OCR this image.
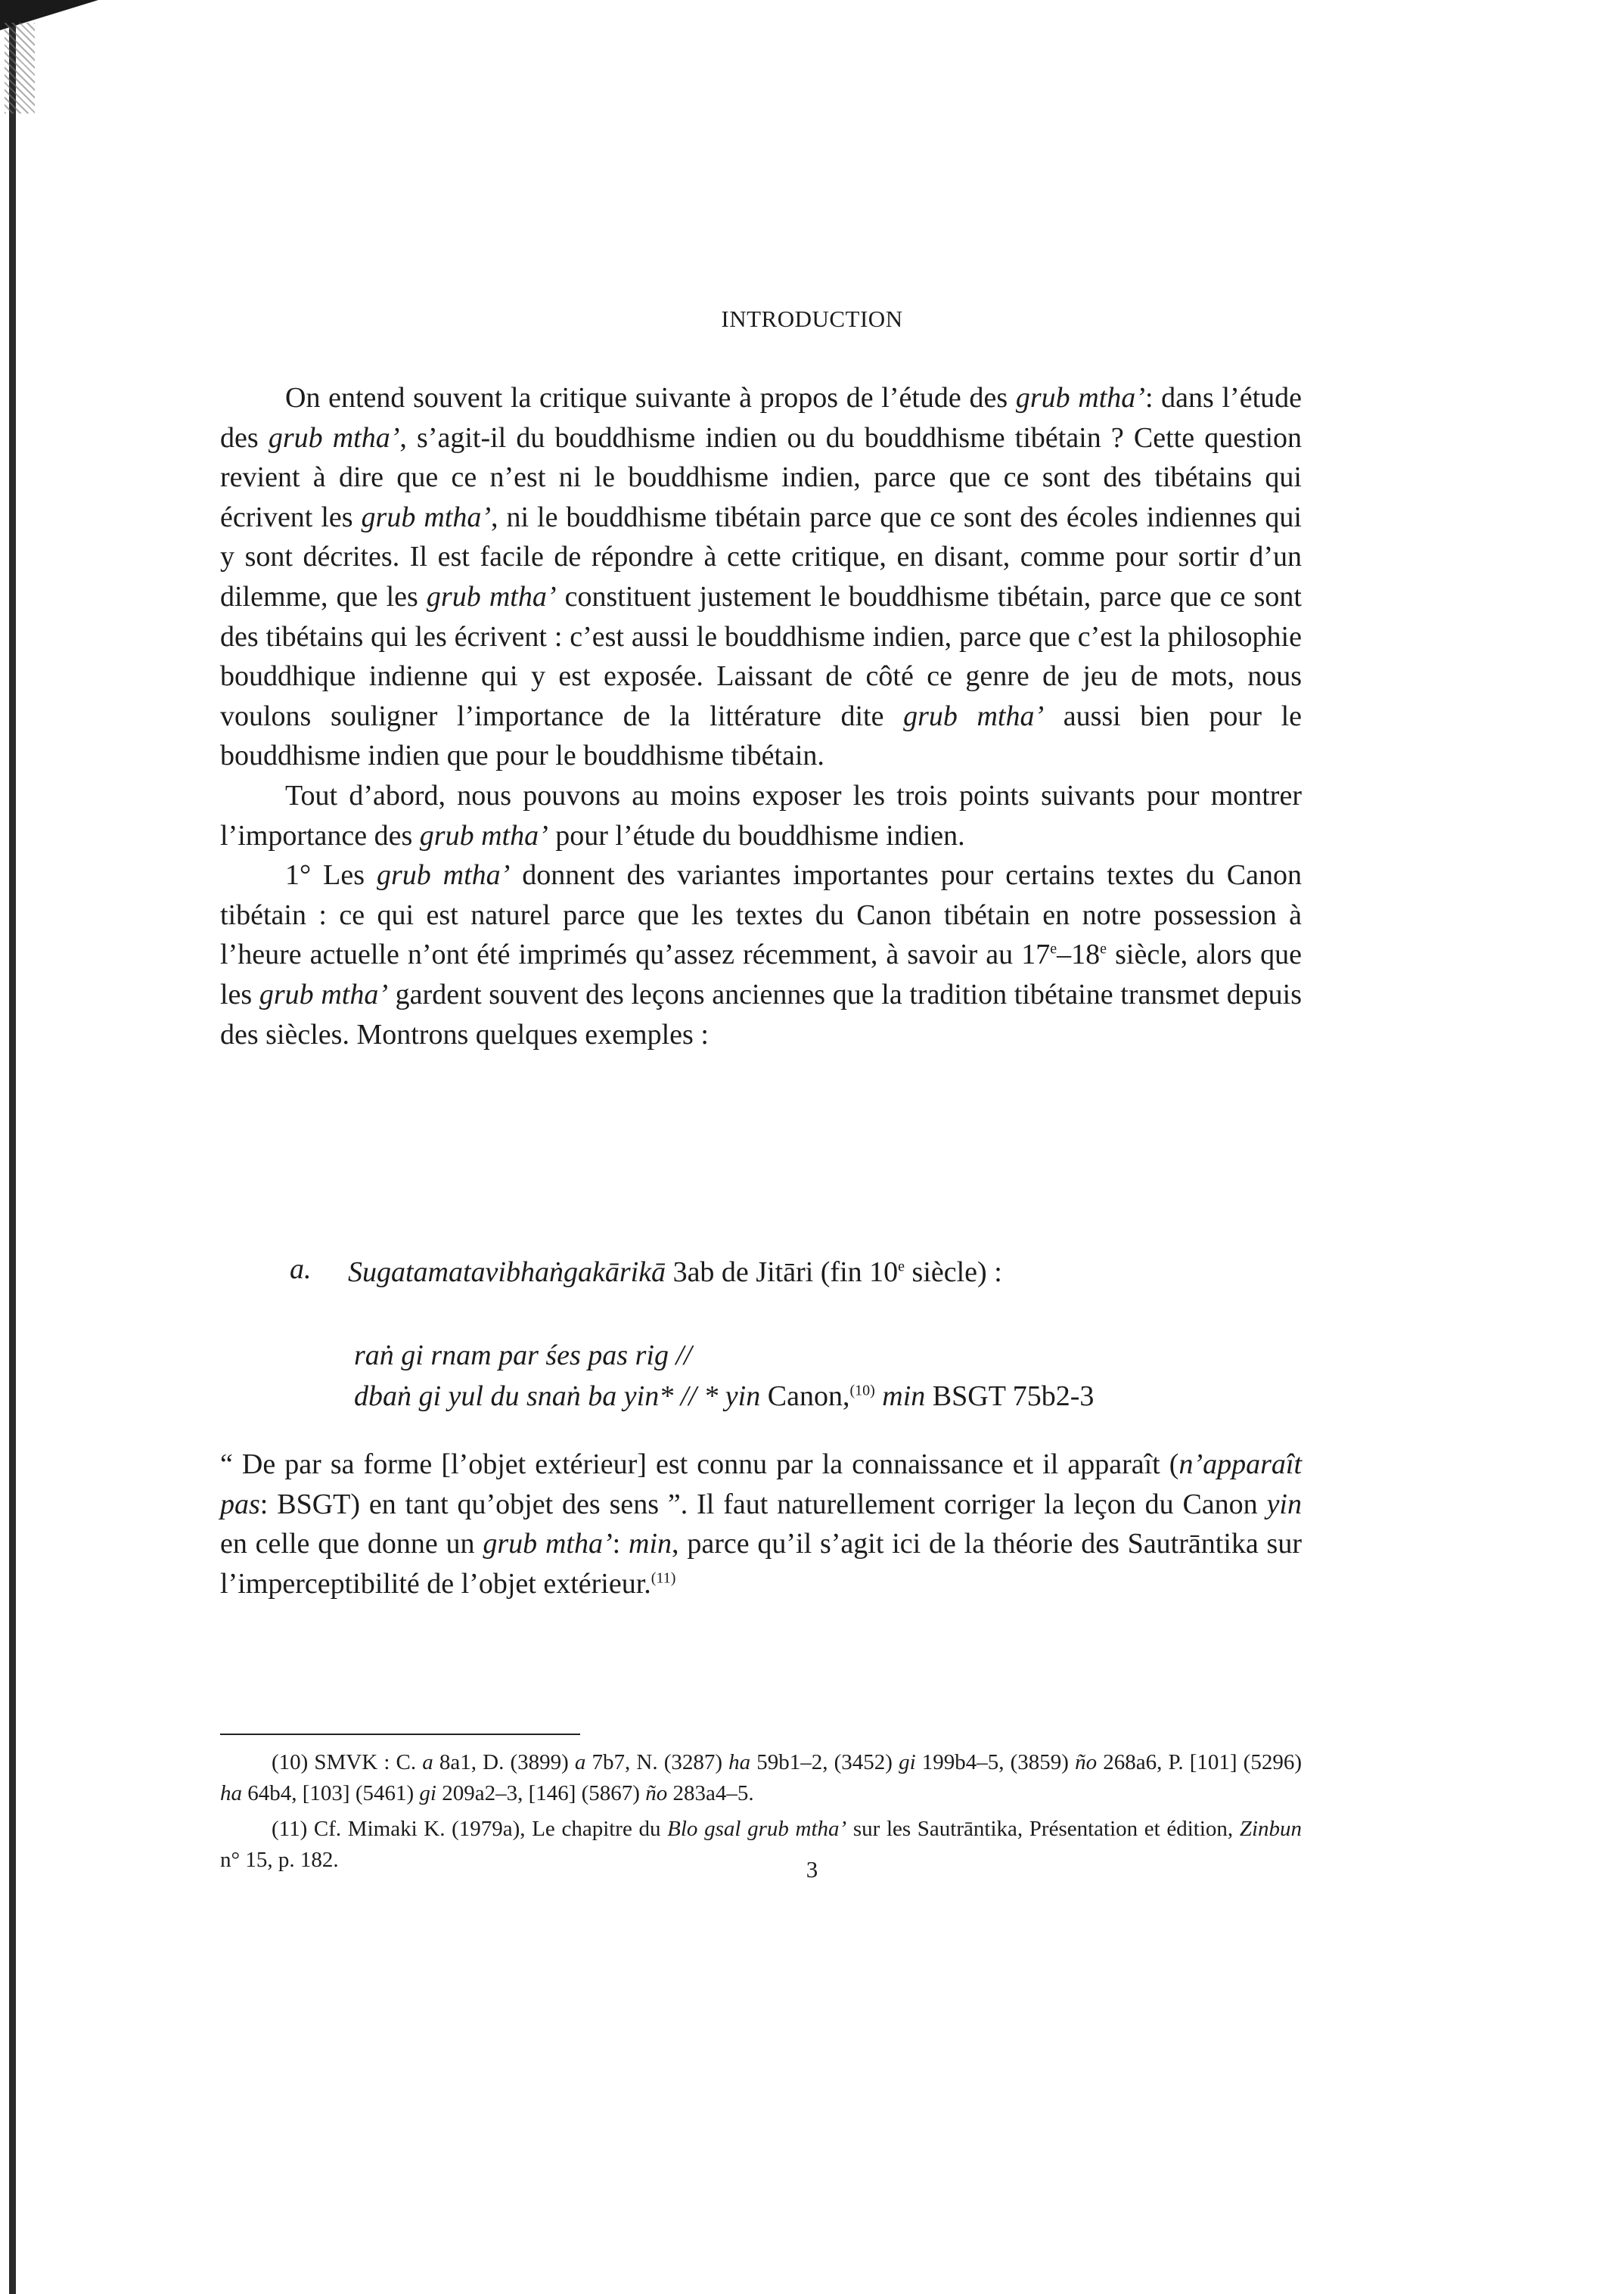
INTRODUCTION

On entend souvent la critique suivante à propos de l’étude des grub mtha’: dans l’étude des grub mtha’, s’agit-il du bouddhisme indien ou du bouddhisme tibétain ? Cette question revient à dire que ce n’est ni le bouddhisme indien, parce que ce sont des tibétains qui écrivent les grub mtha’, ni le bouddhisme tibétain parce que ce sont des écoles indiennes qui y sont décrites. Il est facile de répondre à cette critique, en disant, comme pour sortir d’un dilemme, que les grub mtha’ constituent justement le bouddhisme tibétain, parce que ce sont des tibétains qui les écrivent : c’est aussi le bouddhisme indien, parce que c’est la philosophie bouddhique indienne qui y est exposée. Laissant de côté ce genre de jeu de mots, nous voulons souligner l’importance de la littérature dite grub mtha’ aussi bien pour le bouddhisme indien que pour le bouddhisme tibétain.

Tout d’abord, nous pouvons au moins exposer les trois points suivants pour montrer l’importance des grub mtha’ pour l’étude du bouddhisme indien.

1° Les grub mtha’ donnent des variantes importantes pour certains textes du Canon tibétain : ce qui est naturel parce que les textes du Canon tibétain en notre possession à l’heure actuelle n’ont été imprimés qu’assez récemment, à savoir au 17e–18e siècle, alors que les grub mtha’ gardent souvent des leçons anciennes que la tradition tibétaine transmet depuis des siècles. Montrons quelques exemples :

a. Sugatamatavibhaṅgakārikā 3ab de Jitāri (fin 10e siècle) :
raṅ gi rnam par śes pas rig //
dbaṅ gi yul du snaṅ ba yin* // * yin Canon,$^{(10)}$ min BSGT 75b2-3

“ De par sa forme [l’objet extérieur] est connu par la connaissance et il apparaît (n’apparaît pas: BSGT) en tant qu’objet des sens ”. Il faut naturellement corriger la leçon du Canon yin en celle que donne un grub mtha’: min, parce qu’il s’agit ici de la théorie des Sautrāntika sur l’imperceptibilité de l’objet extérieur.$^{(11)}$

(10) SMVK : C. a 8a1, D. (3899) a 7b7, N. (3287) ha 59b1–2, (3452) gi 199b4–5, (3859) ño 268a6, P. [101] (5296) ha 64b4, [103] (5461) gi 209a2–3, [146] (5867) ño 283a4–5.

(11) Cf. Mimaki K. (1979a), Le chapitre du Blo gsal grub mtha’ sur les Sautrāntika, Présentation et édition, Zinbun n° 15, p. 182.	3
